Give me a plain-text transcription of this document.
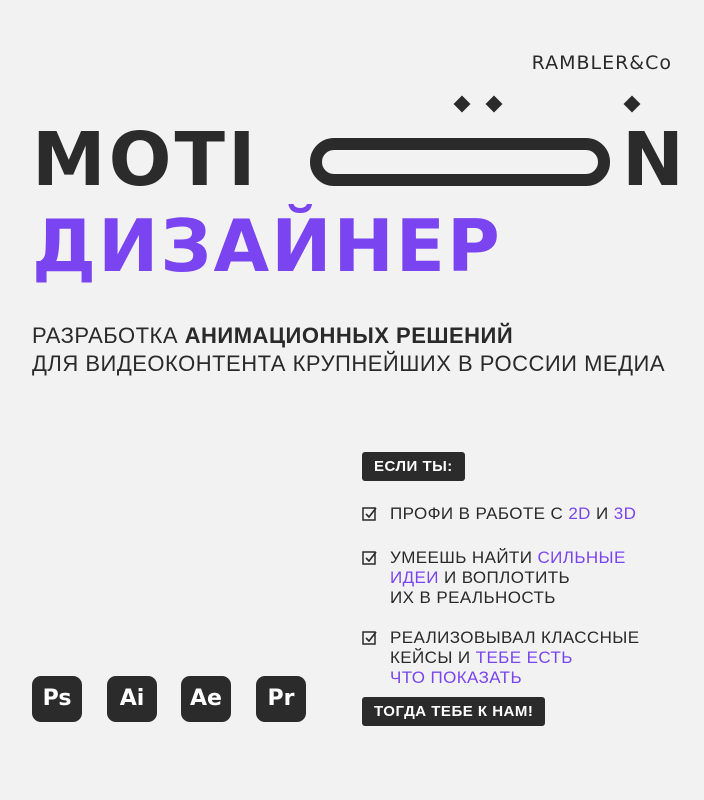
RAMBLER&Co
MOTI	N
ДИЗАЙНЕР
РАЗРАБОТКА АНИМАЦИОННЫХ РЕШЕНИЙ
ДЛЯ ВИДЕОКОНТЕНТА КРУПНЕЙШИХ В РОССИИ МЕДИА
ЕСЛИ ТЫ:
ПРОФИ В РАБОТЕ С 2D И 3D
УМЕЕШЬ НАЙТИ СИЛЬНЫЕ
ИДЕИ И ВОПЛОТИТЬ
ИХ В РЕАЛЬНОСТЬ
РЕАЛИЗОВЫВАЛ КЛАССНЫЕ
КЕЙСЫ И ТЕБЕ ЕСТЬ
ЧТО ПОКАЗАТЬ
ТОГДА ТЕБЕ К НАМ!
Ps	Ai	Ae	Pr
